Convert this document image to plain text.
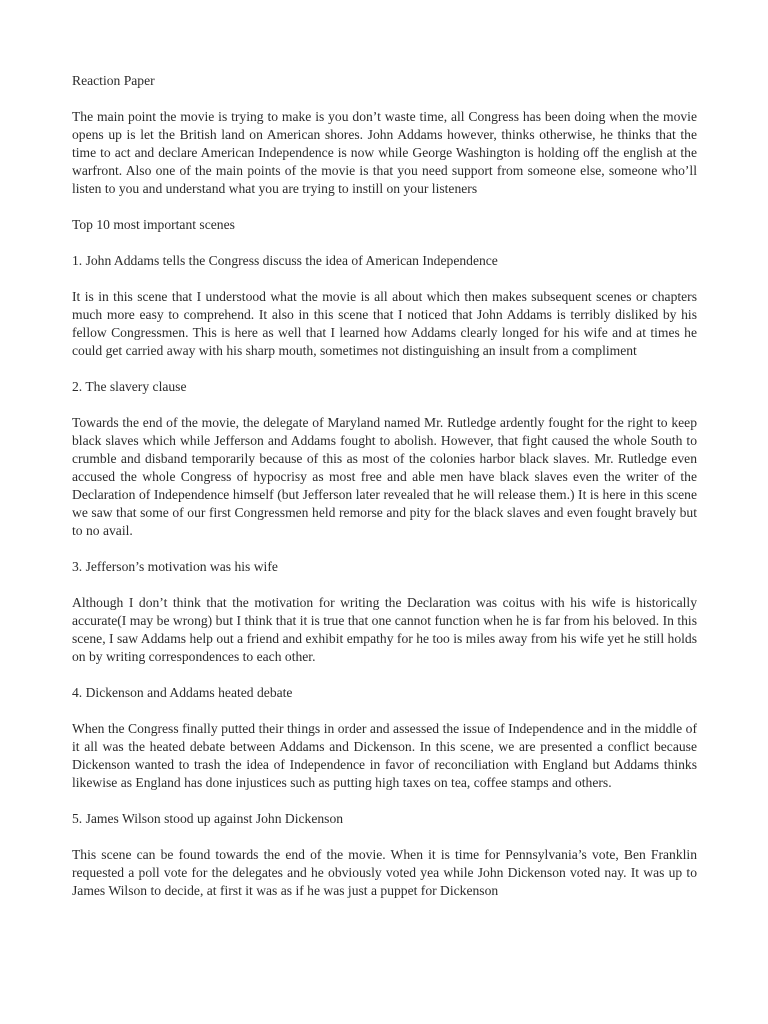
Reaction Paper

The main point the movie is trying to make is you don’t waste time, all Congress has been doing when the movie opens up is let the British land on American shores. John Addams however, thinks otherwise, he thinks that the time to act and declare American Independence is now while George Washington is holding off the english at the warfront. Also one of the main points of the movie is that you need support from someone else, someone who’ll listen to you and understand what you are trying to instill on your listeners

Top 10 most important scenes

1. John Addams tells the Congress discuss the idea of American Independence

It is in this scene that I understood what the movie is all about which then makes subsequent scenes or chapters much more easy to comprehend. It also in this scene that I noticed that John Addams is terribly disliked by his fellow Congressmen. This is here as well that I learned how Addams clearly longed for his wife and at times he could get carried away with his sharp mouth, sometimes not distinguishing an insult from a compliment

2. The slavery clause

Towards the end of the movie, the delegate of Maryland named Mr. Rutledge ardently fought for the right to keep black slaves which while Jefferson and Addams fought to abolish. However, that fight caused the whole South to crumble and disband temporarily because of this as most of the colonies harbor black slaves. Mr. Rutledge even accused the whole Congress of hypocrisy as most free and able men have black slaves even the writer of the Declaration of Independence himself (but Jefferson later revealed that he will release them.) It is here in this scene we saw that some of our first Congressmen held remorse and pity for the black slaves and even fought bravely but to no avail.

3. Jefferson’s motivation was his wife

Although I don’t think that the motivation for writing the Declaration was coitus with his wife is historically accurate(I may be wrong) but I think that it is true that one cannot function when he is far from his beloved. In this scene, I saw Addams help out a friend and exhibit empathy for he too is miles away from his wife yet he still holds on by writing correspondences to each other.

4. Dickenson and Addams heated debate

When the Congress finally putted their things in order and assessed the issue of Independence and in the middle of it all was the heated debate between Addams and Dickenson. In this scene, we are presented a conflict because Dickenson wanted to trash the idea of Independence in favor of reconciliation with England but Addams thinks likewise as England has done injustices such as putting high taxes on tea, coffee stamps and others.

5. James Wilson stood up against John Dickenson

This scene can be found towards the end of the movie. When it is time for Pennsylvania’s vote, Ben Franklin requested a poll vote for the delegates and he obviously voted yea while John Dickenson voted nay. It was up to James Wilson to decide, at first it was as if he was just a puppet for Dickenson
